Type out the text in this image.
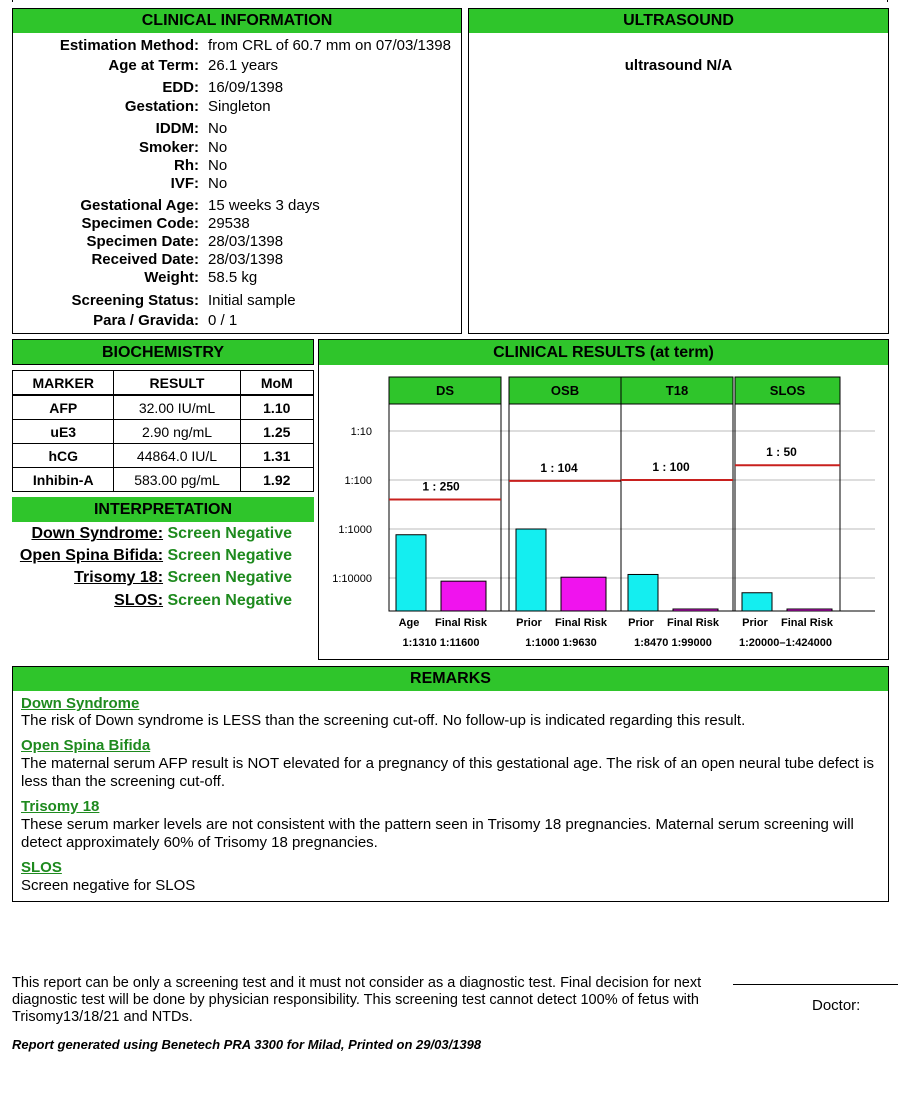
CLINICAL INFORMATION
Estimation Method: from CRL of 60.7 mm on 07/03/1398
Age at Term: 26.1 years
EDD: 16/09/1398
Gestation: Singleton
IDDM: No
Smoker: No
Rh: No
IVF: No
Gestational Age: 15 weeks 3 days
Specimen Code: 29538
Specimen Date: 28/03/1398
Received Date: 28/03/1398
Weight: 58.5 kg
Screening Status: Initial sample
Para / Gravida: 0 / 1
ULTRASOUND
ultrasound N/A
BIOCHEMISTRY
MARKER	RESULT	MoM
AFP	32.00 IU/mL	1.10
uE3	2.90 ng/mL	1.25
hCG	44864.0 IU/L	1.31
Inhibin-A	583.00 pg/mL	1.92
INTERPRETATION
Down Syndrome: Screen Negative
Open Spina Bifida: Screen Negative
Trisomy 18: Screen Negative
SLOS: Screen Negative
CLINICAL RESULTS (at term)
1:10
1:100
1:1000
1:10000
DS
1 : 250
Age Final Risk
1:1310 1:11600
OSB
1 : 104
Prior Final Risk
1:1000 1:9630
T18
1 : 100
Prior Final Risk
1:8470 1:99000
SLOS
1 : 50
Prior Final Risk
1:20000–1:424000
REMARKS
Down Syndrome
The risk of Down syndrome is LESS than the screening cut-off. No follow-up is indicated regarding this result.
Open Spina Bifida
The maternal serum AFP result is NOT elevated for a pregnancy of this gestational age. The risk of an open neural tube defect is less than the screening cut-off.
Trisomy 18
These serum marker levels are not consistent with the pattern seen in Trisomy 18 pregnancies. Maternal serum screening will detect approximately 60% of Trisomy 18 pregnancies.
SLOS
Screen negative for SLOS
This report can be only a screening test and it must not consider as a diagnostic test. Final decision for next diagnostic test will be done by physician responsibility. This screening test cannot detect 100% of fetus with Trisomy13/18/21 and NTDs.
Doctor:
Report generated using Benetech PRA 3300 for Milad, Printed on 29/03/1398
